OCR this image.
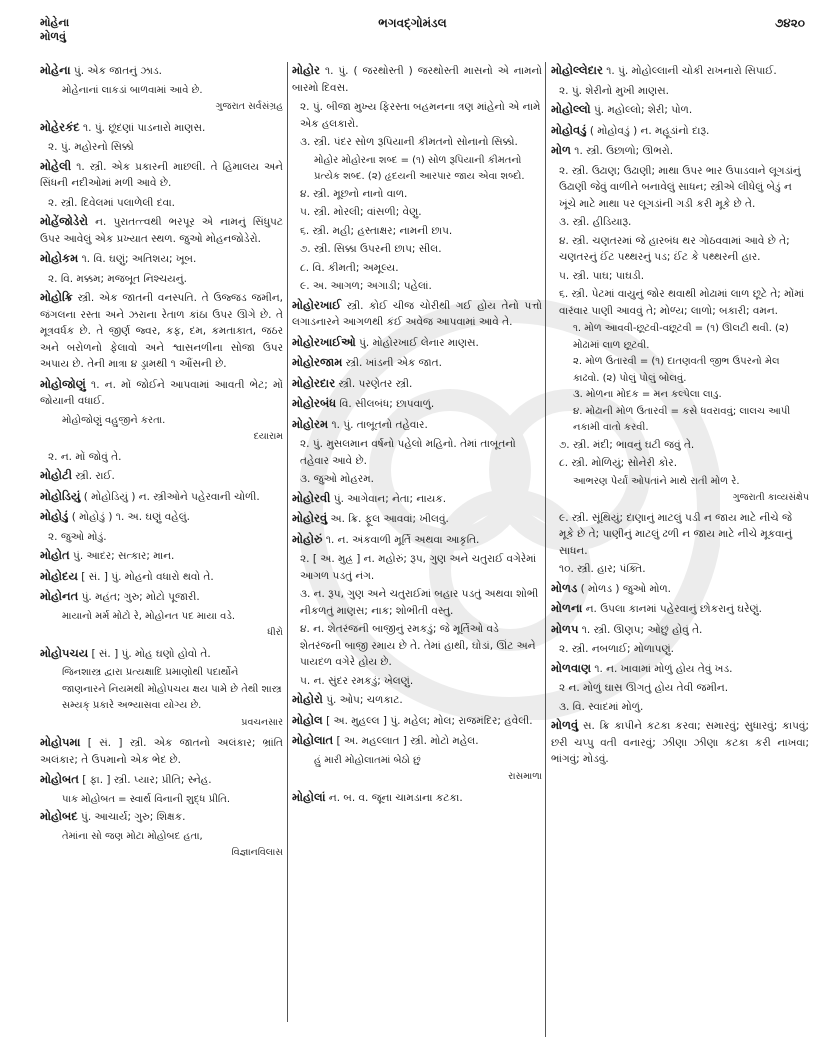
મોહેના
મોળવું
ભગવદ્ગોમંડલ	૭૪૨૦
મોહેના પું. એક જાતનું ઝાડ.
મોહેનાનાં લાકડાં બાળવામાં આવે છે.
ગુજરાત સર્વસંગ્રહ
મોહેરકંદ ૧. પું. છૂંદણાં પાડનારો માણસ.
૨. પું. મહોરનો સિક્કો
મોહેલી ૧. સ્ત્રી. એક પ્રકારની માછલી. તે હિમાલય અને સિંધની નદીઓમાં મળી આવે છે.
૨. સ્ત્રી. દિવેલમાં પલાળેલી દવા.
મોહેંજોડેરો ન. પુરાતત્ત્વથી ભરપૂર એ નામનું સિંધુપટ ઉપર આવેલું એક પ્રખ્યાત સ્થળ. જુઓ મોહનજોડેરો.
મોહોકમ ૧. વિ. ઘણું; અતિશય; ખૂબ.
૨. વિ. મક્કમ; મજબૂત નિશ્ચયનું.
મોહોક્રિ સ્ત્રી. એક જાતની વનસ્પતિ. તે ઉજ્જડ જમીન, જંગલના રસ્તા અને ઝરાના રેતાળ કાંઠા ઉપર ઊગે છે. તે મૂત્રવર્ધક છે. તે જીર્ણ જ્વર, કફ, દમ, કમતાકાત, જઠર અને બરોળનો ફેલાવો અને શ્વાસનળીના સોજા ઉપર અપાય છે. તેની માત્રા ૪ ડ્રામથી ૧ ઔંસની છે.
મોહોજોણું ૧. ન. મોં જોઈને આપવામાં આવતી ભેટ; મોં જોયાની વધાઈ.
મોહોજોણું વહુજીને કરતા.
દયારામ
૨. ન. મોં જોવું તે.
મોહોટી સ્ત્રી. રાઈ.
મોહોડિયું ( મોહોડિયું ) ન. સ્ત્રીઓને પહેરવાની ચોળી.
મોહોડું ( મોહોડું ) ૧. અ. ઘણું વહેલું.
૨. જુઓ મોડું.
મોહોત પું. આદર; સત્કાર; માન.
મોહોદય [ સં. ] પું. મોહનો વધારો થવો તે.
મોહોનત પું. મહંત; ગુરુ; મોટો પૂજારી.
માયાનો મર્મ મોટો રે, મોહોનત પદ માયા વડે.
ધીરો
મોહોપચય [ સં. ] પું. મોહ ઘણો હોવો તે.
જિનશાસ્ત્ર દ્વારા પ્રત્યક્ષાદિ પ્રમાણોથી પદાર્થોને જાણનારને નિયમથી મોહોપચય ક્ષય પામે છે તેથી શાસ્ત્ર સમ્યક્ પ્રકારે અભ્યાસવા યોગ્ય છે.
પ્રવચનસાર
મોહોપમા [ સં. ] સ્ત્રી. એક જાતનો અલંકાર; ભ્રાંતિ અલંકાર; તે ઉપમાનો એક ભેદ છે.
મોહોબત [ ફા. ] સ્ત્રી. પ્યાર; પ્રીતિ; સ્નેહ.
પાક મોહોબત = સ્વાર્થ વિનાની શુદ્ધ પ્રીતિ.
મોહોબદ પું. આચાર્ય; ગુરુ; શિક્ષક.
તેમાંના સો જણ મોટા મોહોબદ હતા,
વિજ્ઞાનવિલાસ
મોહોર ૧. પું. ( જરથોસ્તી ) જરથોસ્તી માસનો એ નામનો બારમો દિવસ.
૨. પું. બીજા મુખ્ય ફિરસ્તા બહમનના ત્રણ માંહેનો એ નામે એક હલકારો.
૩. સ્ત્રી. પંદર સોળ રૂપિયાની કીમતનો સોનાનો સિક્કો.
મોહોર મોહોરના શબ્દ = (૧) સોળ રૂપિયાની કીમતનો પ્રત્યેક શબ્દ. (૨) હૃદયની આરપાર જાય એવા શબ્દો.
૪. સ્ત્રી. મૂછનો નાનો વાળ.
૫. સ્ત્રી. મોરલી; વાંસળી; વેણુ.
૬. સ્ત્રી. મહી; હસ્તાક્ષર; નામની છાપ.
૭. સ્ત્રી. સિક્કા ઉપરની છાપ; સીલ.
૮. વિ. કીમતી; અમૂલ્ય.
૯. અ. આગળ; અગાડી; પહેલાં.
મોહોરખાઈ સ્ત્રી. કોઈ ચીજ ચોરીથી ગઈ હોય તેનો પત્તો લગાડનારને આગળથી કંઈ અવેજ આપવામાં આવે તે.
મોહોરખાઈઓ પું. મોહોરખાઈ લેનાર માણસ.
મોહોરજામ સ્ત્રી. ખાંડની એક જાત.
મોહોરદાર સ્ત્રી. પરણેતર સ્ત્રી.
મોહોરબંધ વિ. સીલબંધ; છાપવાળું.
મોહોરમ ૧. પું. તાબૂતનો તહેવાર.
૨. પું. મુસલમાન વર્ષનો પહેલો મહિનો. તેમાં તાબૂતનો તહેવાર આવે છે.
૩. જુઓ મોહરમ.
મોહોરવી પું. આગેવાન; નેતા; નાયક.
મોહોરવું અ. ક્રિ. ફૂલ આવવાં; ખીલવું.
મોહોરું ૧. ન. અંકવાળી મૂર્તિ અથવા આકૃતિ.
૨. [ અ. મુહ્ર ] ન. મહોરું; રૂપ, ગુણ અને ચતુરાઈ વગેરેમાં આગળ પડતું નંગ.
૩. ન. રૂપ, ગુણ અને ચતુરાઈમાં બહાર પડતું અથવા શોભી નીકળતું માણસ; નાક; શોભીતી વસ્તુ.
૪. ન. શેતરંજની બાજીનું રમકડું; જે મૂર્તિઓ વડે શેતરંજની બાજી રમાય છે તે. તેમાં હાથી, ઘોડાં, ઊંટ અને પાયદળ વગેરે હોય છે.
૫. ન. સુંદર રમકડું; ખેલણું.
મોહોરો પું. ઓપ; ચળકાટ.
મોહોલ [ અ. મુહલ્લ ] પું. મહેલ; મોલ; રાજમંદિર; હવેલી.
મોહોલાત [ અ. મહલ્લાત ] સ્ત્રી. મોટો મહેલ.
હું મારી મોહોલાતમાં બેઠો છું
રાસમાળા
મોહોલાં ન. બ. વ. જૂના ચામડાના કટકા.
મોહોલ્લેદાર ૧. પું. મોહોલ્લાની ચોકી રાખનારો સિપાઈ.
૨. પું. શેરીનો મુખી માણસ.
મોહોલ્લો પું. મહોલ્લો; શેરી; પોળ.
મોહોવડું ( મોહોવડું ) ન. મહૂડાંનો દારૂ.
મોળ ૧. સ્ત્રી. ઉછાળો; ઊભરો.
૨. સ્ત્રી. ઉઢાણ; ઉઢાણી; માથા ઉપર ભાર ઉપાડવાને લૂગડાંનું ઉઢાણી જેવું વાળીને બનાવેલું સાધન; સ્ત્રીએ લીધેલું બેડું ન ખૂંચે માટે માથા પર લૂગડાંની ગડી કરી મૂકે છે તે.
૩. સ્ત્રી. હીડિયારૂ.
૪. સ્ત્રી. ચણતરમાં જે હારબંધ થર ગોઠવવામાં આવે છે તે; ચણતરનું ઈંટ પથ્થરનું પડ; ઈંટ કે પથ્થરની હાર.
૫. સ્ત્રી. પાઘ; પાઘડી.
૬. સ્ત્રી. પેટમાં વાયુનું જોર થવાથી મોઢામાં લાળ છૂટે તે; મોંમાં વારંવાર પાણી આવવું તે; મોળ્ય; લાળો; બકારી; વમન.
૧. મોળ આવવી-છૂટવી-વછૂટવી = (૧) ઊલટી થવી. (૨) મોઢામાં લાળ છૂટવી.
૨. મોળ ઉતારવી = (૧) દાતણવતી જીભ ઉપરનો મેલ કાઢવો. (૨) પોલું પોલું બોલવું.
૩. મોળના મોદક = મન કલ્પેલા લાડુ.
૪. મોઢાની મોળ ઉતારવી = કસે ધવરાવવું; લાલચ આપી નકામી વાતો કરવી.
૭. સ્ત્રી. મંદી; ભાવનું ઘટી જવું તે.
૮. સ્ત્રી. મોળિયું; સોનેરી કોર.
આભરણ પેર્યાં ઓપતાંને માથે રાતી મોળ રે.
ગુજરાતી કાવ્યસંક્ષેપ
૯. સ્ત્રી. સૂંથિયું; દાણાનું માટલું પડી ન જાય માટે નીચે જે મૂકે છે તે; પાણીનું માટલું ઢળી ન જાય માટે નીચે મૂકવાનું સાધન.
૧૦. સ્ત્રી. હાર; પંક્તિ.
મોળડ ( મોળડ ) જુઓ મોળ.
મોળના ન. ઉપલા કાનમાં પહેરવાનું છોકરાનું ઘરેણું.
મોળપ ૧. સ્ત્રી. ઊણપ; ઓછું હોવું તે.
૨. સ્ત્રી. નબળાઈ; મોળાપણું.
મોળવાણ ૧. ન. ખાવામાં મોળું હોય તેવું ખડ.
૨ ન. મોળું ઘાસ ઊગતું હોય તેવી જમીન.
૩. વિ. સ્વાદમાં મોળું.
મોળવું સ. ક્રિ કાપીને કટકા કરવા; સમારવું; સુધારવું; કાપવું; છરી ચપ્પુ વતી વનારવું; ઝીણા ઝીણા કટકા કરી નાખવા; ભાંગવું; મોડવું.
